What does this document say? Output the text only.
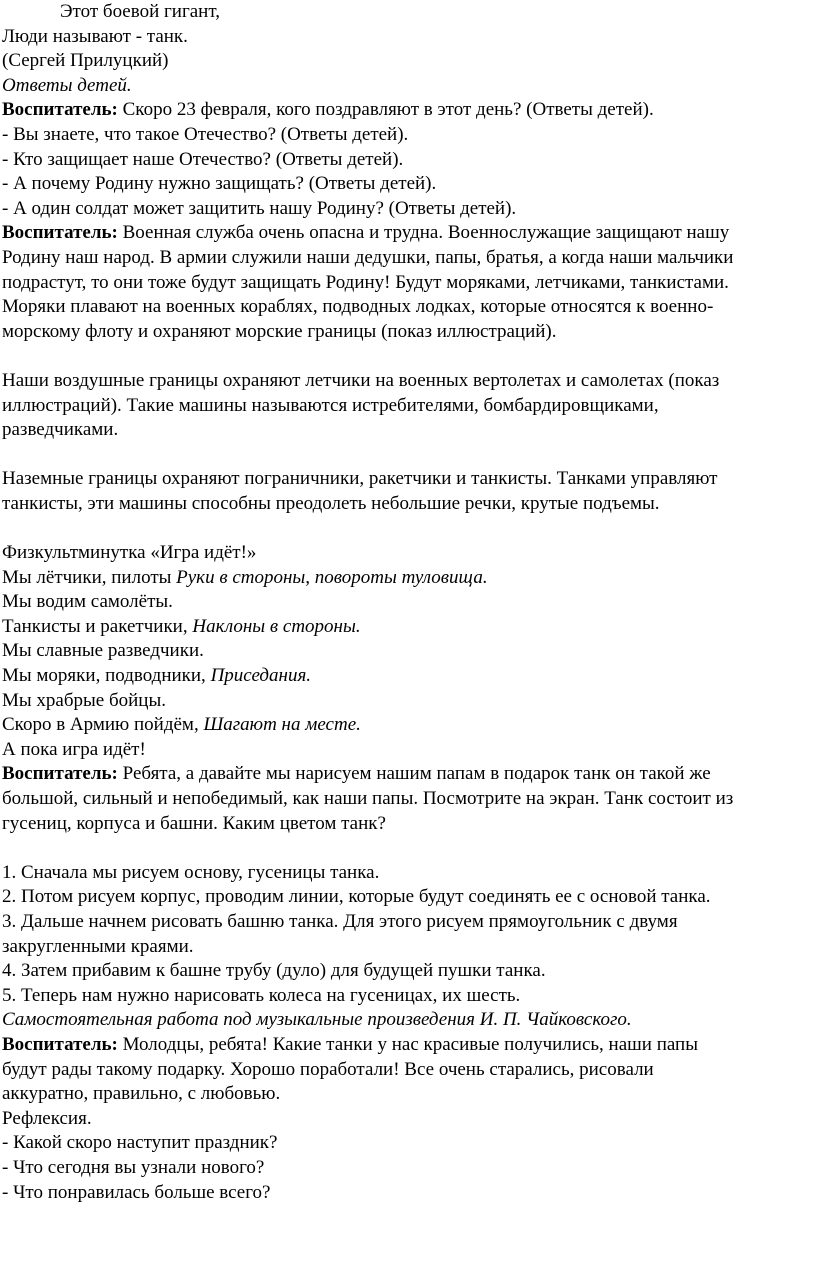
Этот боевой гигант,
Люди называют - танк.
(Сергей Прилуцкий)
Ответы детей.
Воспитатель: Скоро 23 февраля, кого поздравляют в этот день? (Ответы детей).
- Вы знаете, что такое Отечество? (Ответы детей).
- Кто защищает наше Отечество? (Ответы детей).
- А почему Родину нужно защищать? (Ответы детей).
- А один солдат может защитить нашу Родину? (Ответы детей).
Воспитатель: Военная служба очень опасна и трудна. Военнослужащие защищают нашу
Родину наш народ. В армии служили наши дедушки, папы, братья, а когда наши мальчики
подрастут, то они тоже будут защищать Родину! Будут моряками, летчиками, танкистами.
Моряки плавают на военных кораблях, подводных лодках, которые относятся к военно-
морскому флоту и охраняют морские границы (показ иллюстраций).
Наши воздушные границы охраняют летчики на военных вертолетах и самолетах (показ
иллюстраций). Такие машины называются истребителями, бомбардировщиками,
разведчиками.
Наземные границы охраняют пограничники, ракетчики и танкисты. Танками управляют
танкисты, эти машины способны преодолеть небольшие речки, крутые подъемы.
Физкультминутка «Игра идёт!»
Мы лётчики, пилоты Руки в стороны, повороты туловища.
Мы водим самолёты.
Танкисты и ракетчики, Наклоны в стороны.
Мы славные разведчики.
Мы моряки, подводники, Приседания.
Мы храбрые бойцы.
Скоро в Армию пойдём, Шагают на месте.
А пока игра идёт!
Воспитатель: Ребята, а давайте мы нарисуем нашим папам в подарок танк он такой же
большой, сильный и непобедимый, как наши папы. Посмотрите на экран. Танк состоит из
гусениц, корпуса и башни. Каким цветом танк?
1. Сначала мы рисуем основу, гусеницы танка.
2. Потом рисуем корпус, проводим линии, которые будут соединять ее с основой танка.
3. Дальше начнем рисовать башню танка. Для этого рисуем прямоугольник с двумя
закругленными краями.
4. Затем прибавим к башне трубу (дуло) для будущей пушки танка.
5. Теперь нам нужно нарисовать колеса на гусеницах, их шесть.
Самостоятельная работа под музыкальные произведения И. П. Чайковского.
Воспитатель: Молодцы, ребята! Какие танки у нас красивые получились, наши папы
будут рады такому подарку. Хорошо поработали! Все очень старались, рисовали
аккуратно, правильно, с любовью.
Рефлексия.
- Какой скоро наступит праздник?
- Что сегодня вы узнали нового?
- Что понравилась больше всего?
